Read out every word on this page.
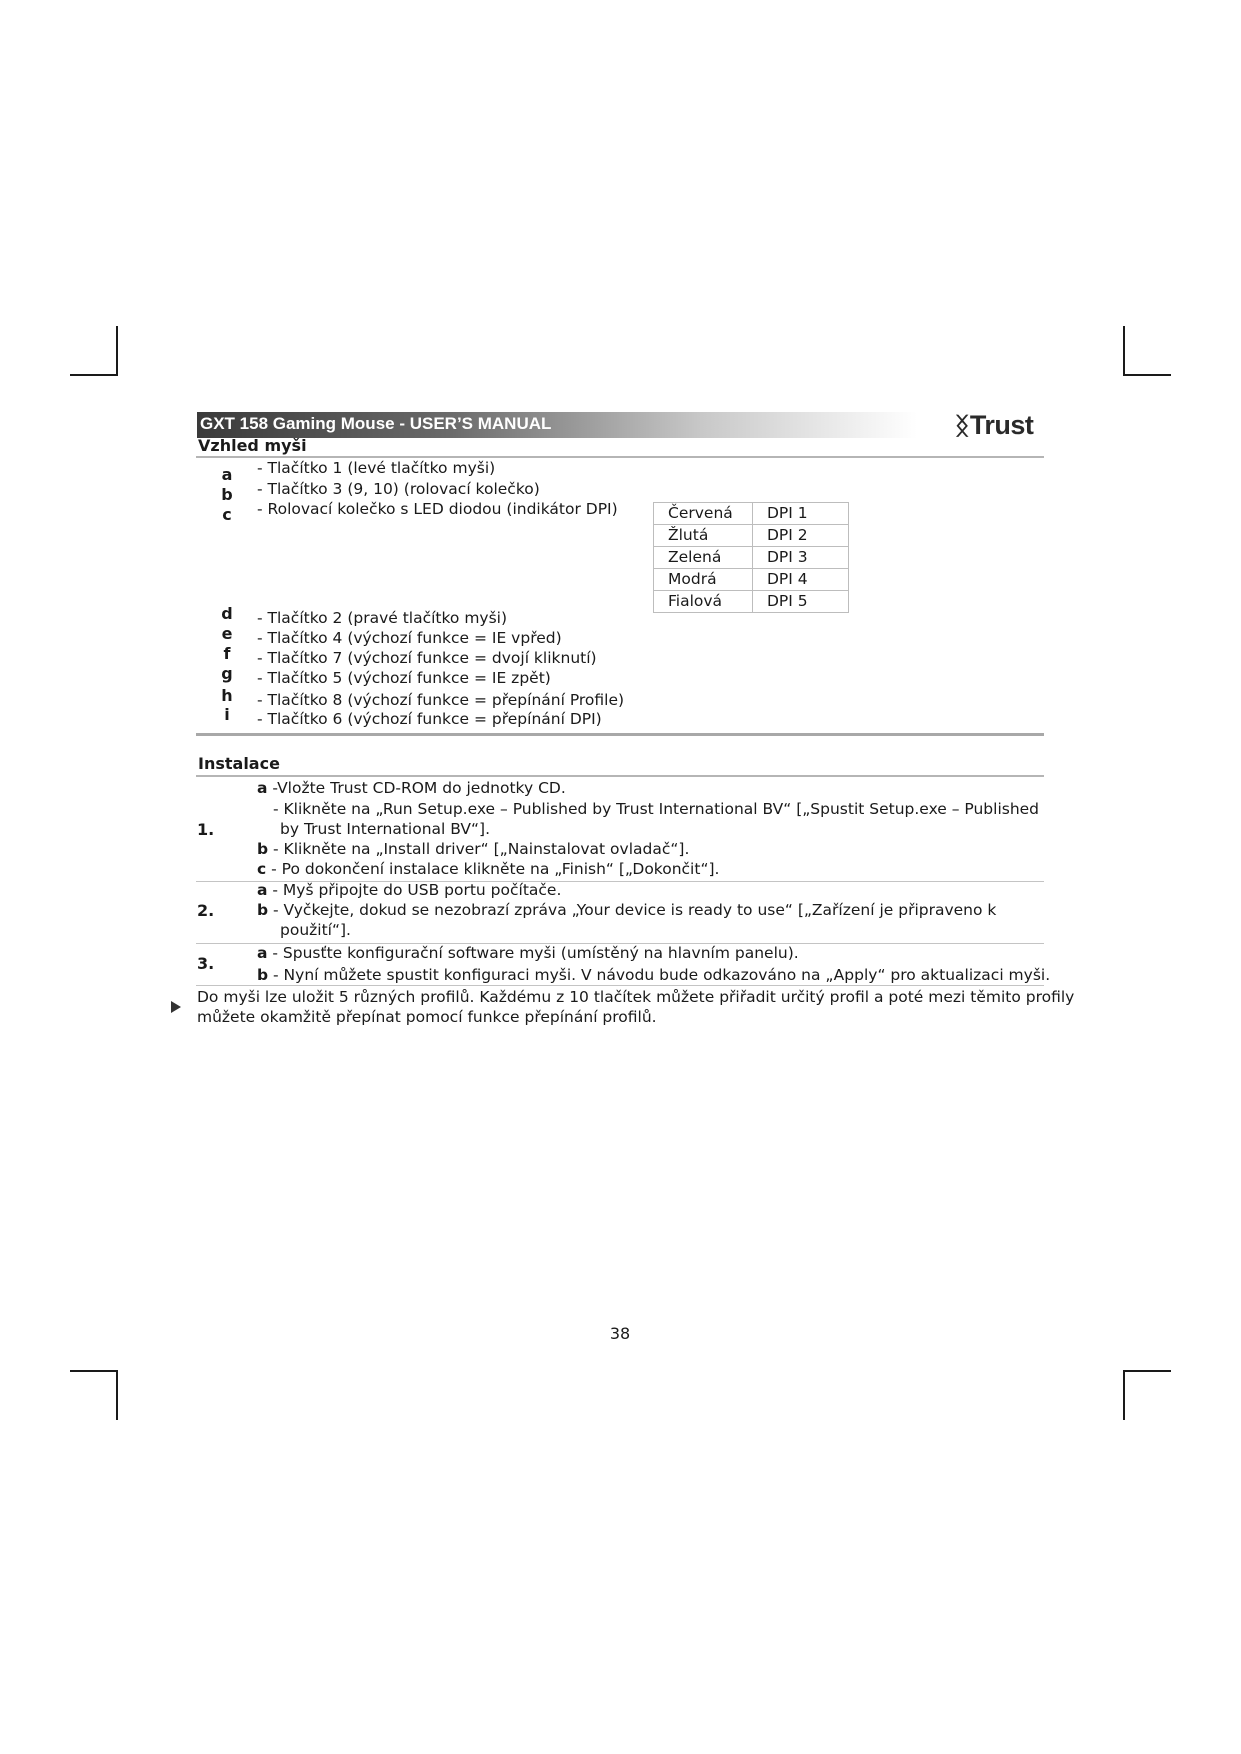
GXT 158 Gaming Mouse - USER’S MANUAL	ᛝTrust
Vzhled myši
a - Tlačítko 1 (levé tlačítko myši)
b - Tlačítko 3 (9, 10) (rolovací kolečko)
c	- Rolovací kolečko s LED diodou (indikátor DPI)	Červená	DPI 1
Žlutá	DPI 2
Zelená	DPI 3
Modrá	DPI 4
Fialová	DPI 5
d - Tlačítko 2 (pravé tlačítko myši)
e - Tlačítko 4 (výchozí funkce = IE vpřed)
f	- Tlačítko 7 (výchozí funkce = dvojí kliknutí)
g - Tlačítko 5 (výchozí funkce = IE zpět)
h - Tlačítko 8 (výchozí funkce = přepínání Profile)
i	- Tlačítko 6 (výchozí funkce = přepínání DPI)
Instalace
1.
a -Vložte Trust CD-ROM do jednotky CD.
- Klikněte na „Run Setup.exe – Published by Trust International BV“ [„Spustit Setup.exe – Published
by Trust International BV“].
b - Klikněte na „Install driver“ [„Nainstalovat ovladač“].
c - Po dokončení instalace klikněte na „Finish“ [„Dokončit“].
2.
a - Myš připojte do USB portu počítače.
b - Vyčkejte, dokud se nezobrazí zpráva „Your device is ready to use“ [„Zařízení je připraveno k
použití“].
3.
a - Spusťte konfigurační software myši (umístěný na hlavním panelu).
b - Nyní můžete spustit konfiguraci myši. V návodu bude odkazováno na „Apply“ pro aktualizaci myši.
Do myši lze uložit 5 různých profilů. Každému z 10 tlačítek můžete přiřadit určitý profil a poté mezi těmito profily
můžete okamžitě přepínat pomocí funkce přepínání profilů.
38
